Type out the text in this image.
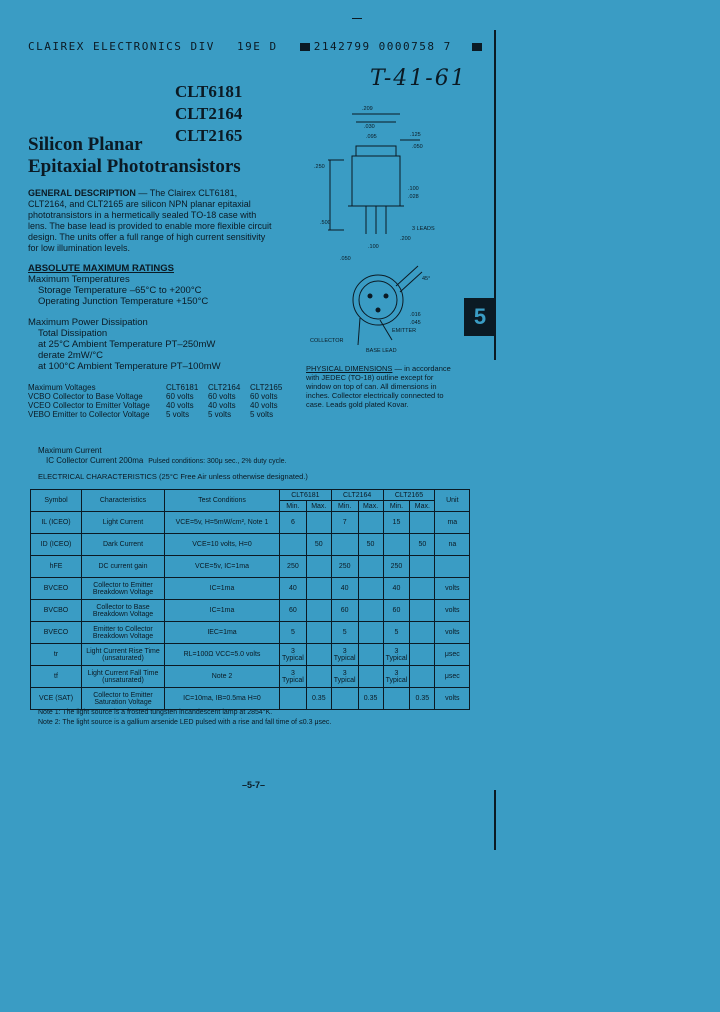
CLAIREX ELECTRONICS DIV 19E D	2142799 0000758 7
T-41-61
CLT6181
CLT2164
CLT2165
Silicon Planar
Epitaxial Phototransistors
GENERAL DESCRIPTION — The Clairex CLT6181, CLT2164, and CLT2165 are silicon NPN planar epitaxial phototransistors in a hermetically sealed TO-18 case with lens. The base lead is provided to enable more flexible circuit design. The units offer a full range of high current sensitivity for low illumination levels.
ABSOLUTE MAXIMUM RATINGS
Maximum Temperatures
Storage Temperature –65°C to +200°C
Operating Junction Temperature +150°C
Maximum Power Dissipation
Total Dissipation
at 25°C Ambient Temperature PT–250mW
derate 2mW/°C
at 100°C Ambient Temperature PT–100mW
Maximum Voltages	CLT6181	CLT2164	CLT2165
VCBO Collector to Base Voltage	60 volts	60 volts	60 volts
VCEO Collector to Emitter Voltage	40 volts	40 volts	40 volts
VEBO Emitter to Collector Voltage	5 volts	5 volts	5 volts
Maximum Current
IC Collector Current 200ma Pulsed conditions: 300μ sec., 2% duty cycle.
.209
.030
.095
.250
.125
.050
.100
.028
.500
.100
.200
.050
.016
.045
3 LEADS
45°
EMITTER
COLLECTOR
BASE LEAD
5
PHYSICAL DIMENSIONS — in accordance with JEDEC (TO-18) outline except for window on top of can. All dimensions in inches. Collector electrically connected to case. Leads gold plated Kovar.
ELECTRICAL CHARACTERISTICS (25°C Free Air unless otherwise designated.)
Symbol	Characteristics	Test Conditions	CLT6181		CLT2164		CLT2165		Unit
			Min.	Max.	Min.	Max.	Min.	Max.	
IL (ICEO)	Light Current	VCE=5v, H=5mW/cm², Note 1	6		7		15		ma
ID (ICEO)	Dark Current	VCE=10 volts, H=0		50		50		50	na
hFE	DC current gain	VCE=5v, IC=1ma	250		250		250		
BVCEO	Collector to Emitter Breakdown Voltage	IC=1ma	40		40		40		volts
BVCBO	Collector to Base Breakdown Voltage	IC=1ma	60		60		60		volts
BVECO	Emitter to Collector Breakdown Voltage	IEC=1ma	5		5		5		volts
tr	Light Current Rise Time (unsaturated)	RL=100Ω VCC=5.0 volts	3 Typical		3 Typical		3 Typical		μsec
tf	Light Current Fall Time (unsaturated)	Note 2	3 Typical		3 Typical		3 Typical		μsec
VCE (SAT)	Collector to Emitter Saturation Voltage	IC=10ma, IB=0.5ma H=0		0.35		0.35		0.35	volts
Note 1: The light source is a frosted tungsten incandescent lamp at 2854°K.
Note 2: The light source is a gallium arsenide LED pulsed with a rise and fall time of ≤0.3 μsec.
–5-7–
